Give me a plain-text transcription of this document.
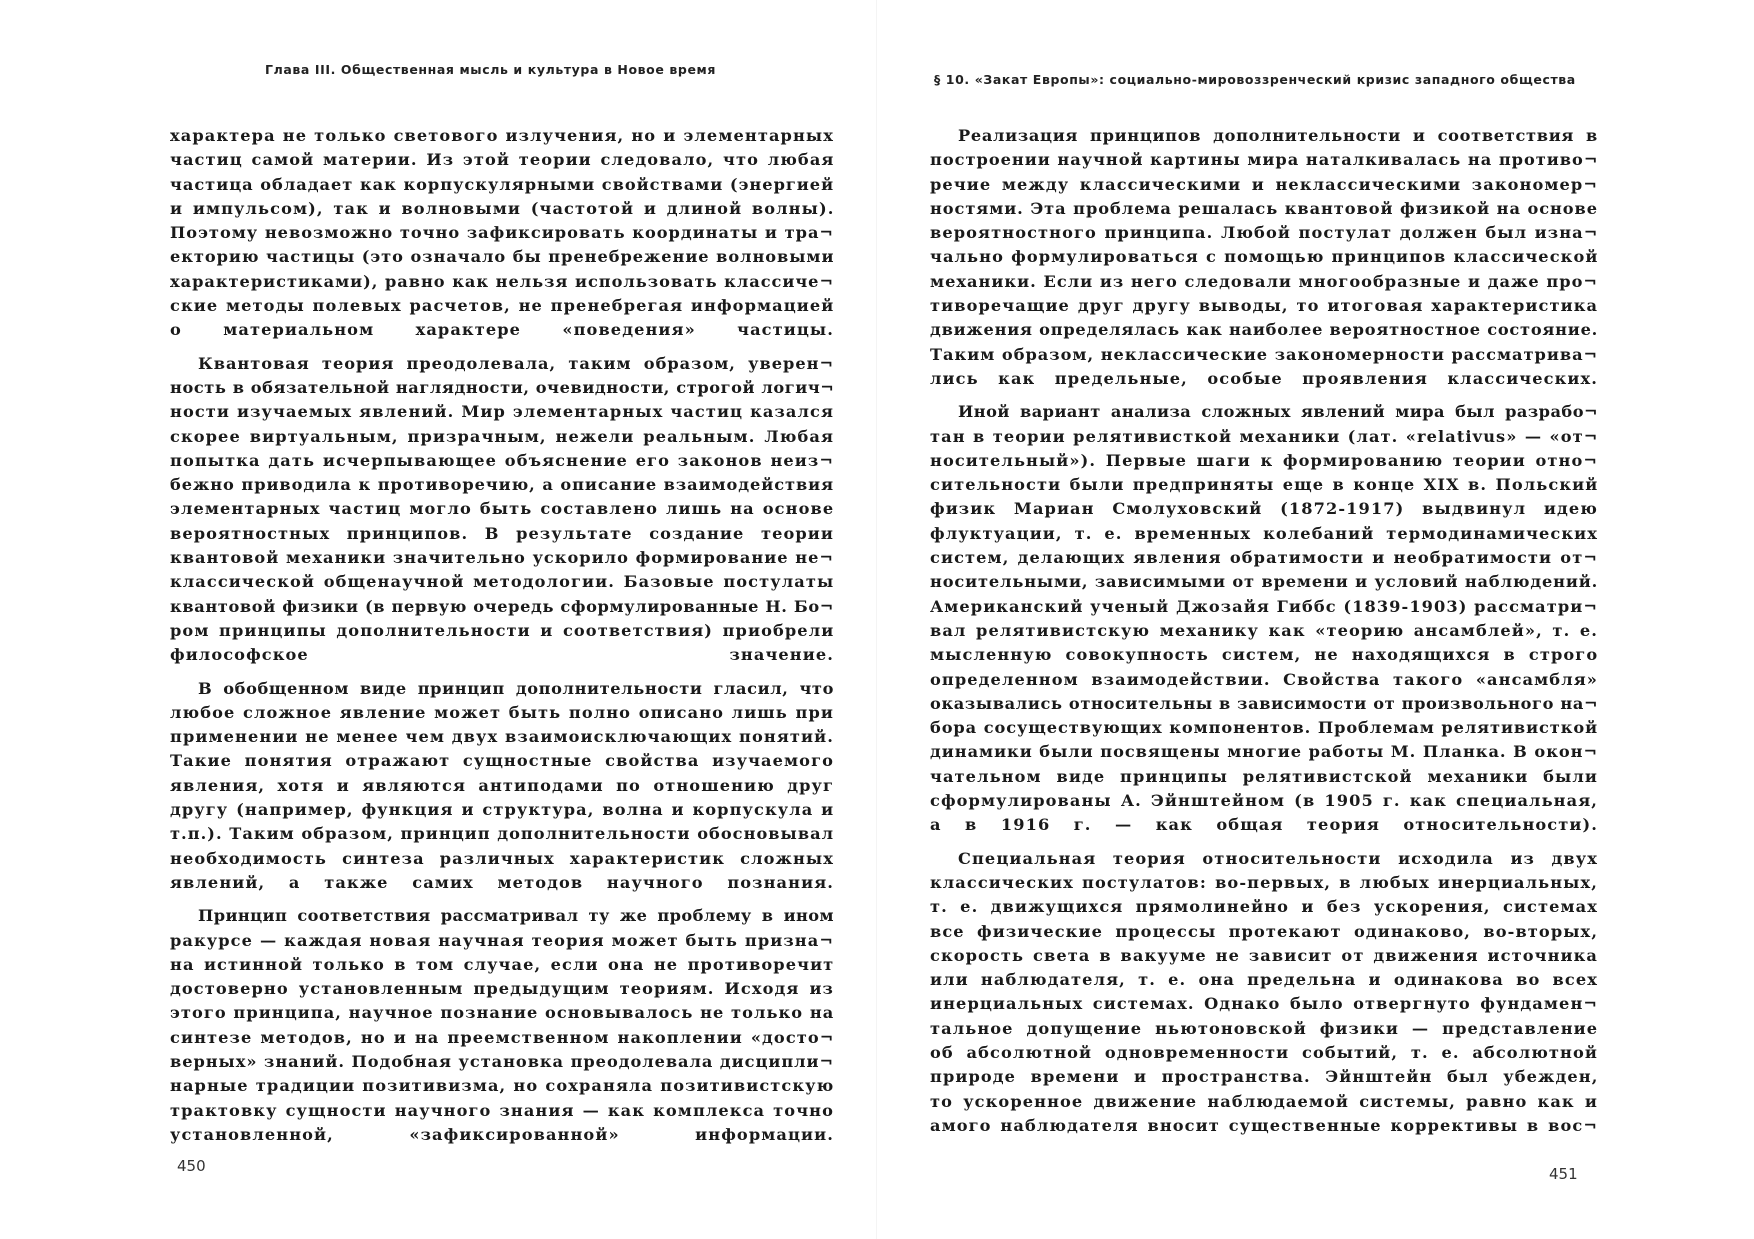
Глава III. Общественная мысль и культура в Новое время
характера не только светового излучения, но и элементарных
частиц самой материи. Из этой теории следовало, что любая
частица обладает как корпускулярными свойствами (энергией
и импульсом), так и волновыми (частотой и длиной волны).
Поэтому невозможно точно зафиксировать координаты и тра¬
екторию частицы (это означало бы пренебрежение волновыми
характеристиками), равно как нельзя использовать классиче¬
ские методы полевых расчетов, не пренебрегая информацией
о материальном характере «поведения» частицы.
Квантовая теория преодолевала, таким образом, уверен¬
ность в обязательной наглядности, очевидности, строгой логич¬
ности изучаемых явлений. Мир элементарных частиц казался
скорее виртуальным, призрачным, нежели реальным. Любая
попытка дать исчерпывающее объяснение его законов неиз¬
бежно приводила к противоречию, а описание взаимодействия
элементарных частиц могло быть составлено лишь на основе
вероятностных принципов. В результате создание теории
квантовой механики значительно ускорило формирование не¬
классической общенаучной методологии. Базовые постулаты
квантовой физики (в первую очередь сформулированные Н. Бо¬
ром принципы дополнительности и соответствия) приобрели
философское значение.
В обобщенном виде принцип дополнительности гласил, что
любое сложное явление может быть полно описано лишь при
применении не менее чем двух взаимоисключающих понятий.
Такие понятия отражают сущностные свойства изучаемого
явления, хотя и являются антиподами по отношению друг
другу (например, функция и структура, волна и корпускула и
т.п.). Таким образом, принцип дополнительности обосновывал
необходимость синтеза различных характеристик сложных
явлений, а также самих методов научного познания.
Принцип соответствия рассматривал ту же проблему в ином
ракурсе — каждая новая научная теория может быть призна¬
на истинной только в том случае, если она не противоречит
достоверно установленным предыдущим теориям. Исходя из
этого принципа, научное познание основывалось не только на
синтезе методов, но и на преемственном накоплении «досто¬
верных» знаний. Подобная установка преодолевала дисципли¬
нарные традиции позитивизма, но сохраняла позитивистскую
трактовку сущности научного знания — как комплекса точно
установленной, «зафиксированной» информации.
450
§ 10. «Закат Европы»: социально-мировоззренческий кризис западного общества
Реализация принципов дополнительности и соответствия в
построении научной картины мира наталкивалась на противо¬
речие между классическими и неклассическими закономер¬
ностями. Эта проблема решалась квантовой физикой на основе
вероятностного принципа. Любой постулат должен был изна¬
чально формулироваться с помощью принципов классической
механики. Если из него следовали многообразные и даже про¬
тиворечащие друг другу выводы, то итоговая характеристика
движения определялась как наиболее вероятностное состояние.
Таким образом, неклассические закономерности рассматрива¬
лись как предельные, особые проявления классических.
Иной вариант анализа сложных явлений мира был разрабо¬
тан в теории релятивисткой механики (лат. «relativus» — «от¬
носительный»). Первые шаги к формированию теории отно¬
сительности были предприняты еще в конце XIX в. Польский
физик Мариан Смолуховский (1872-1917) выдвинул идею
флуктуации, т. е. временных колебаний термодинамических
систем, делающих явления обратимости и необратимости от¬
носительными, зависимыми от времени и условий наблюдений.
Американский ученый Джозайя Гиббс (1839-1903) рассматри¬
вал релятивистскую механику как «теорию ансамблей», т. е.
мысленную совокупность систем, не находящихся в строго
определенном взаимодействии. Свойства такого «ансамбля»
оказывались относительны в зависимости от произвольного на¬
бора сосуществующих компонентов. Проблемам релятивисткой
динамики были посвящены многие работы М. Планка. В окон¬
чательном виде принципы релятивистской механики были
сформулированы А. Эйнштейном (в 1905 г. как специальная,
а в 1916 г. — как общая теория относительности).
Специальная теория относительности исходила из двух
классических постулатов: во-первых, в любых инерциальных,
т. е. движущихся прямолинейно и без ускорения, системах
все физические процессы протекают одинаково, во-вторых,
скорость света в вакууме не зависит от движения источника
или наблюдателя, т. е. она предельна и одинакова во всех
инерциальных системах. Однако было отвергнуто фундамен¬
тальное допущение ньютоновской физики — представление
об абсолютной одновременности событий, т. е. абсолютной
природе времени и пространства. Эйнштейн был убежден,
то ускоренное движение наблюдаемой системы, равно как и
амого наблюдателя вносит существенные коррективы в вос¬
451
